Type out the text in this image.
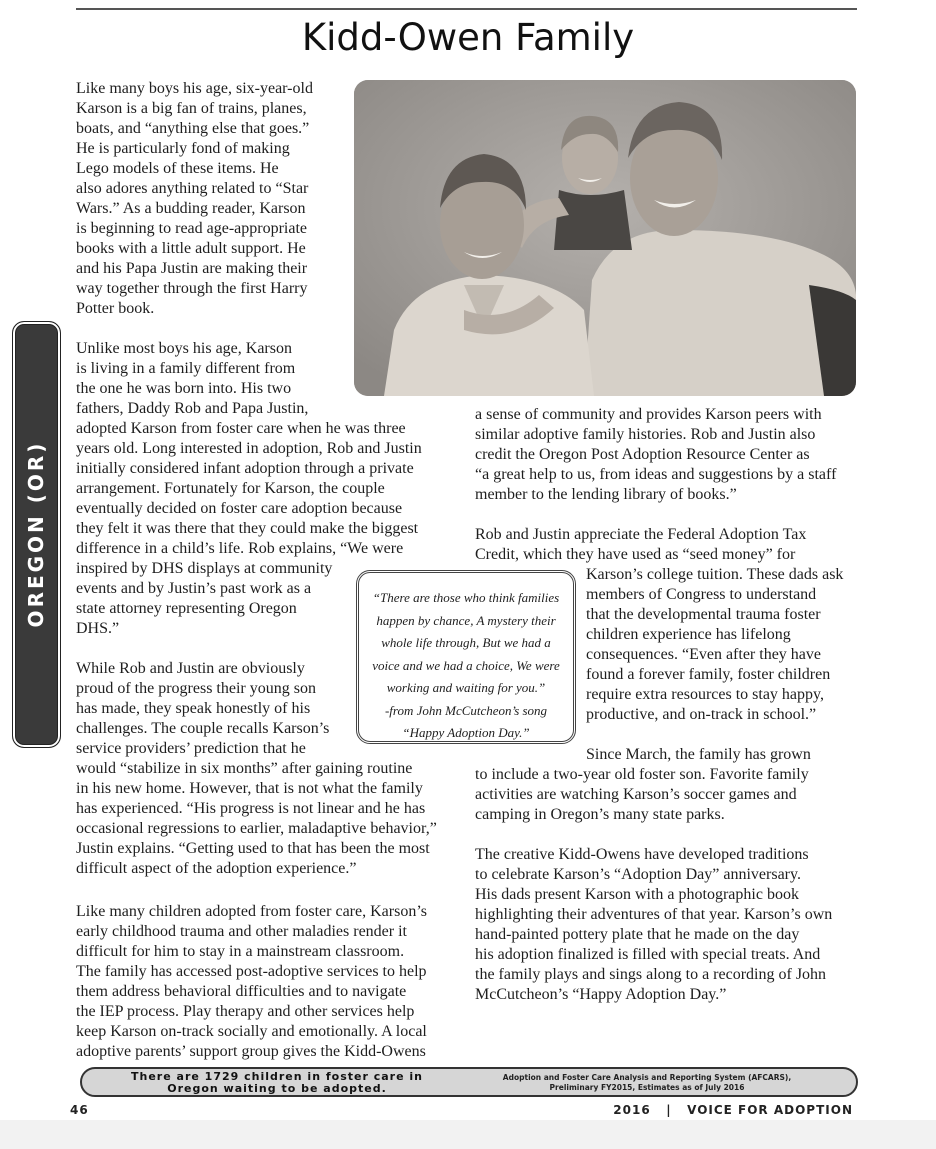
Kidd-Owen Family
OREGON (OR)
Like many boys his age, six-year-old
Karson is a big fan of trains, planes,
boats, and “anything else that goes.”
He is particularly fond of making
Lego models of these items. He
also adores anything related to “Star
Wars.” As a budding reader, Karson
is beginning to read age-appropriate
books with a little adult support. He
and his Papa Justin are making their
way together through the first Harry
Potter book.
Unlike most boys his age, Karson
is living in a family different from
the one he was born into. His two
fathers, Daddy Rob and Papa Justin,
adopted Karson from foster care when he was three
years old. Long interested in adoption, Rob and Justin
initially considered infant adoption through a private
arrangement. Fortunately for Karson, the couple
eventually decided on foster care adoption because
they felt it was there that they could make the biggest
difference in a child’s life. Rob explains, “We were
inspired by DHS displays at community
events and by Justin’s past work as a
state attorney representing Oregon
DHS.”
While Rob and Justin are obviously
proud of the progress their young son
has made, they speak honestly of his
challenges. The couple recalls Karson’s
service providers’ prediction that he
would “stabilize in six months” after gaining routine
in his new home. However, that is not what the family
has experienced. “His progress is not linear and he has
occasional regressions to earlier, maladaptive behavior,”
Justin explains. “Getting used to that has been the most
difficult aspect of the adoption experience.”
Like many children adopted from foster care, Karson’s
early childhood trauma and other maladies render it
difficult for him to stay in a mainstream classroom.
The family has accessed post-adoptive services to help
them address behavioral difficulties and to navigate
the IEP process. Play therapy and other services help
keep Karson on-track socially and emotionally. A local
adoptive parents’ support group gives the Kidd-Owens
a sense of community and provides Karson peers with
similar adoptive family histories. Rob and Justin also
credit the Oregon Post Adoption Resource Center as
“a great help to us, from ideas and suggestions by a staff
member to the lending library of books.”
Rob and Justin appreciate the Federal Adoption Tax
Credit, which they have used as “seed money” for
Karson’s college tuition. These dads ask
members of Congress to understand
that the developmental trauma foster
children experience has lifelong
consequences. “Even after they have
found a forever family, foster children
require extra resources to stay happy,
productive, and on-track in school.”
Since March, the family has grown
to include a two-year old foster son. Favorite family
activities are watching Karson’s soccer games and
camping in Oregon’s many state parks.
The creative Kidd-Owens have developed traditions
to celebrate Karson’s “Adoption Day” anniversary.
His dads present Karson with a photographic book
highlighting their adventures of that year. Karson’s own
hand-painted pottery plate that he made on the day
his adoption finalized is filled with special treats. And
the family plays and sings along to a recording of John
McCutcheon’s “Happy Adoption Day.”
“There are those who think families
happen by chance, A mystery their
whole life through, But we had a
voice and we had a choice, We were
working and waiting for you.”
-from John McCutcheon’s song
“Happy Adoption Day.”
There are 1729 children in foster care in
Oregon waiting to be adopted.
Adoption and Foster Care Analysis and Reporting System (AFCARS),
Preliminary FY2015, Estimates as of July 2016
46	2016   |   VOICE FOR ADOPTION
